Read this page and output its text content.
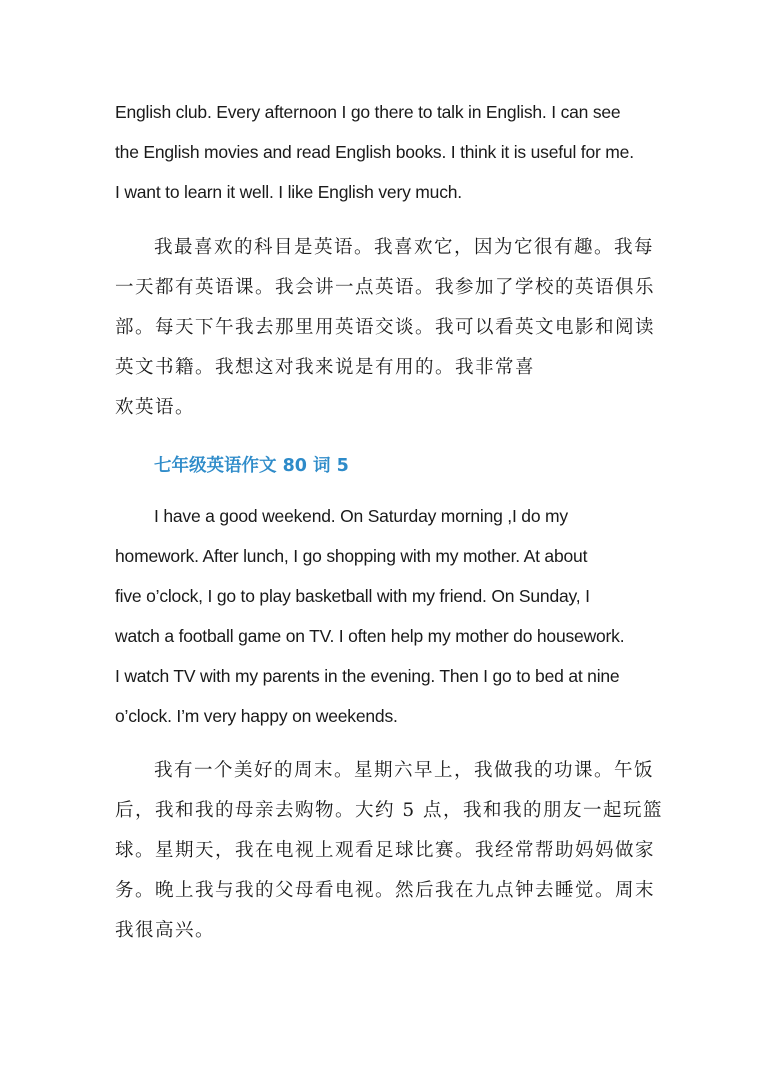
English club. Every afternoon I go there to talk in English. I can see
the English movies and read English books. I think it is useful for me.
I want to learn it well. I like English very much.
我最喜欢的科目是英语。我喜欢它，因为它很有趣。我每
一天都有英语课。我会讲一点英语。我参加了学校的英语俱乐
部。每天下午我去那里用英语交谈。我可以看英文电影和阅读
英文书籍。我想这对我来说是有用的。我非常喜
欢英语。
七年级英语作文 80 词 5
I have a good weekend. On Saturday morning ,I do my
homework. After lunch, I go shopping with my mother. At about
five o’clock, I go to play basketball with my friend. On Sunday, I
watch a football game on TV. I often help my mother do housework.
I watch TV with my parents in the evening. Then I go to bed at nine
o’clock. I’m very happy on weekends.
我有一个美好的周末。星期六早上，我做我的功课。午饭
后，我和我的母亲去购物。大约 5 点，我和我的朋友一起玩篮
球。星期天，我在电视上观看足球比赛。我经常帮助妈妈做家
务。晚上我与我的父母看电视。然后我在九点钟去睡觉。周末
我很高兴。
